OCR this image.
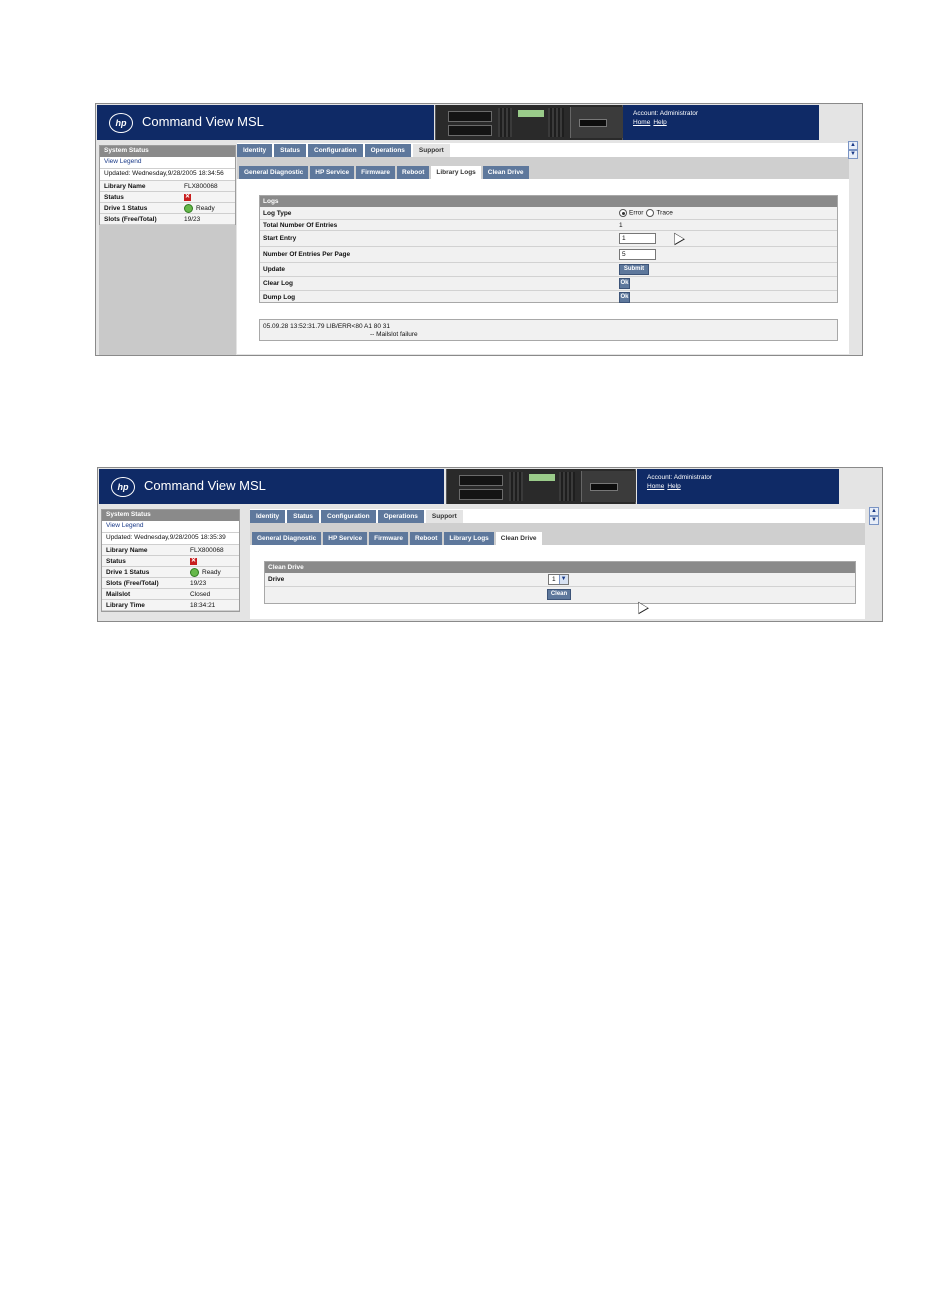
hp	Command View MSL
Account: Administrator
Home Help
System Status
View Legend
Updated: Wednesday,9/28/2005 18:34:56
Library Name	FLX800068
Status	✕
Drive 1 Status	Ready
Slots (Free/Total)	19/23
Identity	Status	Configuration	Operations	Support
General Diagnostic	HP Service	Firmware	Reboot	Library Logs	Clean Drive
Logs
Log Type	Error	Trace
Total Number Of Entries	1
Start Entry	1
Number Of Entries Per Page	5
Update	Submit
Clear Log	Ok
Dump Log	Ok
05.09.28 13:52:31.79 LIB/ERR<80 A1 80 31
-- Mailslot failure
▲
▼
hp	Command View MSL
Account: Administrator
Home Help
System Status
View Legend
Updated: Wednesday,9/28/2005 18:35:39
Library Name	FLX800068
Status	✕
Drive 1 Status	Ready
Slots (Free/Total)	19/23
Mailslot	Closed
Library Time	18:34:21
Identity	Status	Configuration	Operations	Support
General Diagnostic	HP Service	Firmware	Reboot	Library Logs	Clean Drive
Clean Drive
Drive	1 ▼
Clean
▲
▼
